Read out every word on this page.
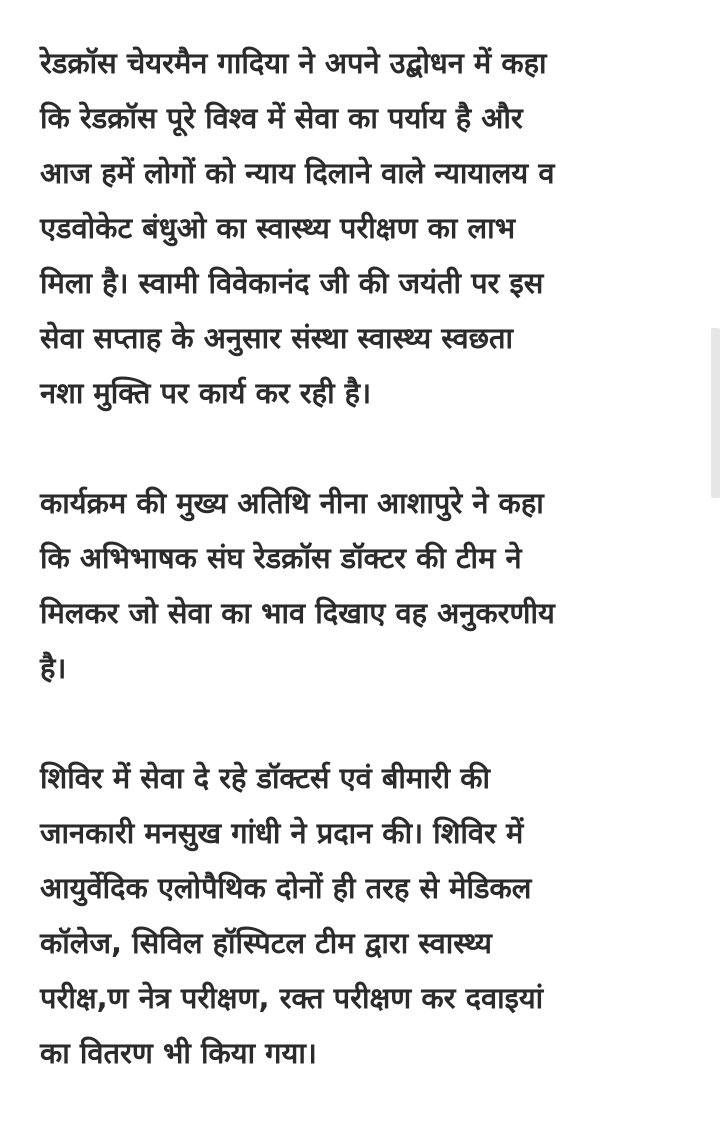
रेडक्रॉस चेयरमैन गादिया ने अपने उद्बोधन में कहा
कि रेडक्रॉस पूरे विश्व में सेवा का पर्याय है और
आज हमें लोगों को न्याय दिलाने वाले न्यायालय व
एडवोकेट बंधुओ का स्वास्थ्य परीक्षण का लाभ
मिला है। स्वामी विवेकानंद जी की जयंती पर इस
सेवा सप्ताह के अनुसार संस्था स्वास्थ्य स्वछता
नशा मुक्ति पर कार्य कर रही है।

कार्यक्रम की मुख्य अतिथि नीना आशापुरे ने कहा
कि अभिभाषक संघ रेडक्रॉस डॉक्टर की टीम ने
मिलकर जो सेवा का भाव दिखाए वह अनुकरणीय
है।

शिविर में सेवा दे रहे डॉक्टर्स एवं बीमारी की
जानकारी मनसुख गांधी ने प्रदान की। शिविर में
आयुर्वेदिक एलोपैथिक दोनों ही तरह से मेडिकल
कॉलेज, सिविल हॉस्पिटल टीम द्वारा स्वास्थ्य
परीक्ष,ण नेत्र परीक्षण, रक्त परीक्षण कर दवाइयां
का वितरण भी किया गया।
